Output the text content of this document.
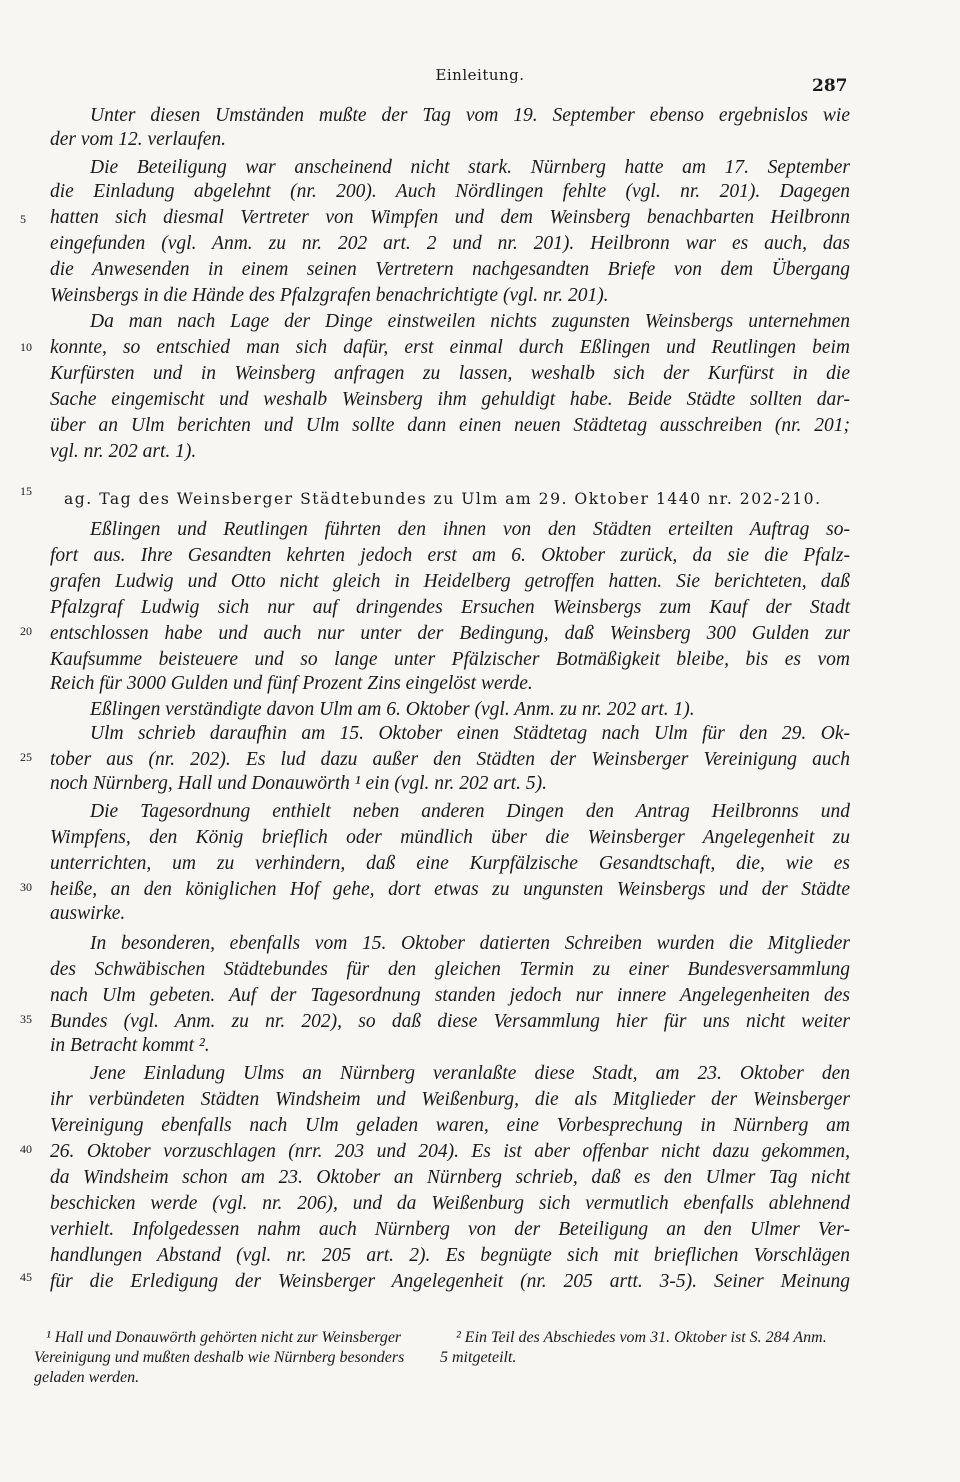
Einleitung.
287
Unter diesen Umständen mußte der Tag vom 19. September ebenso ergebnislos wie
der vom 12. verlaufen.
Die Beteiligung war anscheinend nicht stark. Nürnberg hatte am 17. September
die Einladung abgelehnt (nr. 200). Auch Nördlingen fehlte (vgl. nr. 201). Dagegen
hatten sich diesmal Vertreter von Wimpfen und dem Weinsberg benachbarten Heilbronn
eingefunden (vgl. Anm. zu nr. 202 art. 2 und nr. 201). Heilbronn war es auch, das
die Anwesenden in einem seinen Vertretern nachgesandten Briefe von dem Übergang
Weinsbergs in die Hände des Pfalzgrafen benachrichtigte (vgl. nr. 201).
Da man nach Lage der Dinge einstweilen nichts zugunsten Weinsbergs unternehmen
konnte, so entschied man sich dafür, erst einmal durch Eßlingen und Reutlingen beim
Kurfürsten und in Weinsberg anfragen zu lassen, weshalb sich der Kurfürst in die
Sache eingemischt und weshalb Weinsberg ihm gehuldigt habe. Beide Städte sollten dar-
über an Ulm berichten und Ulm sollte dann einen neuen Städtetag ausschreiben (nr. 201;
vgl. nr. 202 art. 1).
15 ag. Tag des Weinsberger Städtebundes zu Ulm am 29. Oktober 1440 nr. 202-210.
Eßlingen und Reutlingen führten den ihnen von den Städten erteilten Auftrag so-
fort aus. Ihre Gesandten kehrten jedoch erst am 6. Oktober zurück, da sie die Pfalz-
grafen Ludwig und Otto nicht gleich in Heidelberg getroffen hatten. Sie berichteten, daß
Pfalzgraf Ludwig sich nur auf dringendes Ersuchen Weinsbergs zum Kauf der Stadt
entschlossen habe und auch nur unter der Bedingung, daß Weinsberg 300 Gulden zur
Kaufsumme beisteuere und so lange unter Pfälzischer Botmäßigkeit bleibe, bis es vom
Reich für 3000 Gulden und fünf Prozent Zins eingelöst werde.
Eßlingen verständigte davon Ulm am 6. Oktober (vgl. Anm. zu nr. 202 art. 1).
Ulm schrieb daraufhin am 15. Oktober einen Städtetag nach Ulm für den 29. Ok-
tober aus (nr. 202). Es lud dazu außer den Städten der Weinsberger Vereinigung auch
noch Nürnberg, Hall und Donauwörth ¹ ein (vgl. nr. 202 art. 5).
Die Tagesordnung enthielt neben anderen Dingen den Antrag Heilbronns und
Wimpfens, den König brieflich oder mündlich über die Weinsberger Angelegenheit zu
unterrichten, um zu verhindern, daß eine Kurpfälzische Gesandtschaft, die, wie es
heiße, an den königlichen Hof gehe, dort etwas zu ungunsten Weinsbergs und der Städte
auswirke.
In besonderen, ebenfalls vom 15. Oktober datierten Schreiben wurden die Mitglieder
des Schwäbischen Städtebundes für den gleichen Termin zu einer Bundesversammlung
nach Ulm gebeten. Auf der Tagesordnung standen jedoch nur innere Angelegenheiten des
Bundes (vgl. Anm. zu nr. 202), so daß diese Versammlung hier für uns nicht weiter
in Betracht kommt ².
Jene Einladung Ulms an Nürnberg veranlaßte diese Stadt, am 23. Oktober den
ihr verbündeten Städten Windsheim und Weißenburg, die als Mitglieder der Weinsberger
Vereinigung ebenfalls nach Ulm geladen waren, eine Vorbesprechung in Nürnberg am
26. Oktober vorzuschlagen (nrr. 203 und 204). Es ist aber offenbar nicht dazu gekommen,
da Windsheim schon am 23. Oktober an Nürnberg schrieb, daß es den Ulmer Tag nicht
beschicken werde (vgl. nr. 206), und da Weißenburg sich vermutlich ebenfalls ablehnend
verhielt. Infolgedessen nahm auch Nürnberg von der Beteiligung an den Ulmer Ver-
handlungen Abstand (vgl. nr. 205 art. 2). Es begnügte sich mit brieflichen Vorschlägen
für die Erledigung der Weinsberger Angelegenheit (nr. 205 artt. 3-5). Seiner Meinung
5
10
20
25
30
35
40
45
¹ Hall und Donauwörth gehörten nicht zur Weinsberger Vereinigung und mußten deshalb wie Nürnberg besonders geladen werden.
² Ein Teil des Abschiedes vom 31. Oktober ist S. 284 Anm. 5 mitgeteilt.
